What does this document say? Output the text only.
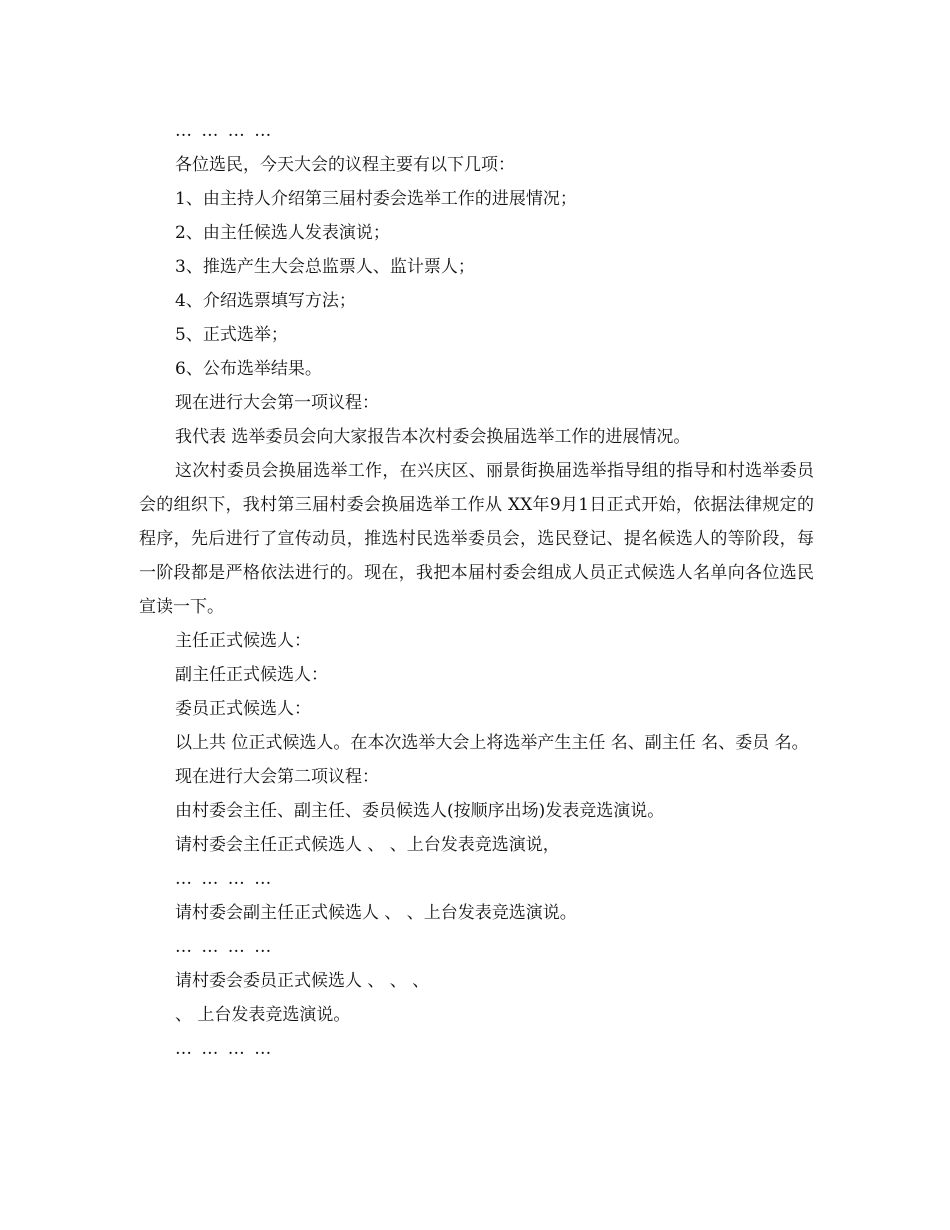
… … … …

各位选民，今天大会的议程主要有以下几项：

1、由主持人介绍第三届村委会选举工作的进展情况；

2、由主任候选人发表演说；

3、推选产生大会总监票人、监计票人；

4、介绍选票填写方法；

5、正式选举；

6、公布选举结果。

现在进行大会第一项议程：

我代表 选举委员会向大家报告本次村委会换届选举工作的进展情况。

这次村委员会换届选举工作，在兴庆区、丽景街换届选举指导组的指导和村选举委员会的组织下，我村第三届村委会换届选举工作从 XX年9月1日正式开始，依据法律规定的程序，先后进行了宣传动员，推选村民选举委员会，选民登记、提名候选人的等阶段，每一阶段都是严格依法进行的。现在，我把本届村委会组成人员正式候选人名单向各位选民宣读一下。

主任正式候选人：

副主任正式候选人：

委员正式候选人：

以上共 位正式候选人。在本次选举大会上将选举产生主任 名、副主任 名、委员 名。

现在进行大会第二项议程：

由村委会主任、副主任、委员候选人(按顺序出场)发表竞选演说。

请村委会主任正式候选人 、 、上台发表竞选演说，

… … … …

请村委会副主任正式候选人 、 、上台发表竞选演说。

… … … …

请村委会委员正式候选人 、 、 、

、 上台发表竞选演说。

… … … …
